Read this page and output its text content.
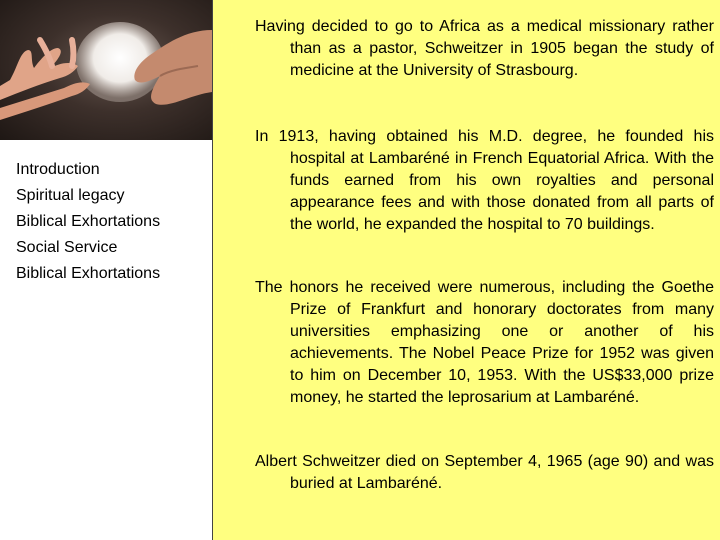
Introduction
Spiritual legacy
Biblical Exhortations
Social Service
Biblical Exhortations

Having decided to go to Africa as a medical missionary rather than as a pastor, Schweitzer in 1905 began the study of medicine at the University of Strasbourg.

In 1913, having obtained his M.D. degree, he founded his hospital at Lambaréné in French Equatorial Africa. With the funds earned from his own royalties and personal appearance fees and with those donated from all parts of the world, he expanded the hospital to 70 buildings.

The honors he received were numerous, including the Goethe Prize of Frankfurt and honorary doctorates from many universities emphasizing one or another of his achievements. The Nobel Peace Prize for 1952 was given to him on December 10, 1953. With the US$33,000 prize money, he started the leprosarium at Lambaréné.

Albert Schweitzer died on September 4, 1965 (age 90) and was buried at Lambaréné.
